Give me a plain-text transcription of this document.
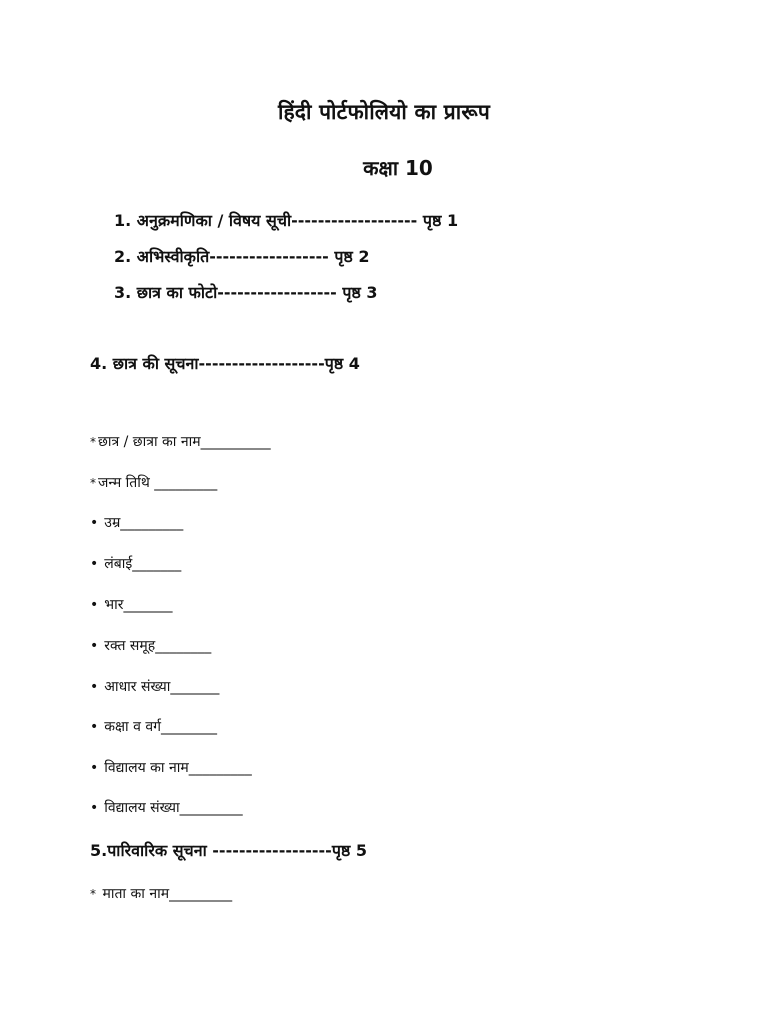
हिंदी पोर्टफोलियो का प्रारूप
कक्षा 10
1. अनुक्रमणिका / विषय सूची------------------- पृष्ठ 1
2. अभिस्वीकृति------------------ पृष्ठ 2
3. छात्र का फोटो------------------ पृष्ठ 3
4. छात्र की सूचना-------------------पृष्ठ 4
* छात्र / छात्रा का नाम__________
* जन्म तिथि _________
• उम्र_________
• लंबाई_______
• भार_______
• रक्त समूह________
• आधार संख्या_______
• कक्षा व वर्ग________
• विद्यालय का नाम_________
• विद्यालय संख्या_________
5.पारिवारिक सूचना ------------------पृष्ठ 5
* माता का नाम_________
